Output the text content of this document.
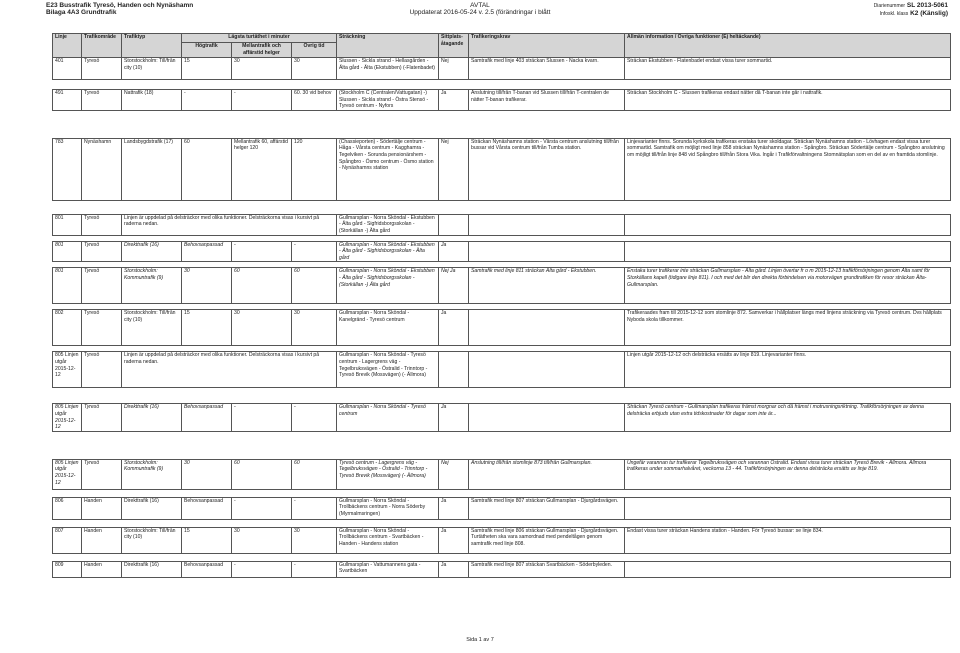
E23 Busstrafik Tyresö, Handen och Nynäshamn
Bilaga 4A3 Grundtrafik
AVTAL
Uppdaterat 2016-05-24 v. 2.5 (förändringar i blått
Diarienummer SL 2013-5061
Infoskl. klass K2 (Känslig)
Linje	Trafikområde	Trafiktyp	Lägsta turtäthet i minuter			Sträckning	Sittplats-åtagande	Trafikeringskrav	Allmän information / Övriga funktioner (Ej heltäckande)
			Högtrafik	Mellantrafik och affärstid helger	Övrig tid				
401	Tyresö	Storstockholm: Till/från city (10)	15	30	30	Slussen - Sickla strand - Hellasgården - Älta gård - Älta (Ekstubben) (-Flatenbadet)	Nej	Samtrafik med linje 403 sträckan Slussen - Nacka kvarn.	Sträckan Ekstubben - Flatenbadet endast vissa turer sommartid.

491	Tyresö	Nattrafik (18)	-	-	60. 30 vid behov	(Stockholm C (Centralen/Vattugatan) -) Slussen - Sickla strand - Östra Stensö - Tyresö centrum - Nyfors	Ja	Anslutning till/från T-banan vid Slussen till/från T-centralen de nätter T-banan trafikerar.	Sträckan Stockholm C - Slussen trafikeras endast nätter då T-banan inte går i nattrafik.

783	Nynäshamn	Landsbygdstrafik (17)	60	Mellantrafik 60, affärstid helger 120	120	(Chassieporten) - Södertälje centrum - Håga - Vårsta centrum - Kagghamra - Tegelviken - Sorunda pensionärshem - Spångbro - Ösmo centrum - Ösmo station - Nynäshamns station	Nej	Sträckan Nynäshamns station - Vårsta centrum anslutning till/från bussar vid Vårsta centrum till/från Tumba station.	Linjevarianter finns. Sorunda kyrkskola trafikeras enstaka turer skoldagar. Sträckan Nynäshamns station - Lövhagen endast vissa turer sommartid. Samtrafik om möjligt med linje 858 sträckan Nynäshamns station - Spångbro. Sträckan Södertälje centrum - Spångbro anslutning om möjligt till/från linje 848 vid Spångbro till/från Stora Vika. Ingår i Trafikförvaltningens Stomnätsplan som en del av en framtida stomlinje.

801	Tyresö	Linjen är uppdelad på delsträckor med olika funktioner. Delsträckorna visas i kursivt på raderna nedan.				Gullmarsplan - Norra Sköndal - Ekstubben - Älta gård - Sigfridsborgsskolan - (Storkällan -) Älta gård			

801	Tyresö	Direkttrafik (16)	Behovsanpassad	-	-	Gullmarsplan - Norra Sköndal - Ekstubben - Älta gård - Sigfridsborgsskolan - Älta gård	Ja		

801	Tyresö	Storstockholm: Kommuntrafik (9)	30	60	60	Gullmarsplan - Norra Sköndal - Ekstubben - Älta gård - Sigfridsborgsskolan - (Storkällan -) Älta gård	Nej Ja	Samtrafik med linje 811 sträckan Älta gård - Ekstubben.	Enstaka turer trafikerar inte sträckan Gullmarsplan - Älta gård. Linjen övertar fr o m 2015-12-13 trafikförsörjningen genom Älta samt för Storkällans kapell (tidigare linje 811). I och med det blir den direkta förbindelsen via motorvägen grundtrafiken för resor sträckan Älta-Gullmarsplan.

802	Tyresö	Storstockholm: Till/från city (10)	15	30	30	Gullmarsplan - Norra Sköndal - Kanelgränd - Tyresö centrum	Ja		Trafikeraades fram till 2015-12-12 som stomlinje 872. Samverkar i hållplatser längs med linjens sträckning via Tyresö centrum. Dvs hållplats Nyboda skola tillkommer.

805 Linjen utgår 2015-12-12	Tyresö	Linjen är uppdelad på delsträckor med olika funktioner. Delsträckorna visas i kursivt på raderna nedan.				Gullmarsplan - Norra Sköndal - Tyresö centrum - Lagergrens väg - Tegelbruksvägen - Östralid - Trinntorp - Tyresö Brevik (Mossvägen) (- Ällmora)			Linjen utgår 2015-12-12 och delsträcka ersätts av linje 819. Linjevarianter finns.

805 Linjen utgår 2015-12-12	Tyresö	Direkttrafik (16)	Behovsanpassad	-	-	Gullmarsplan - Norra Sköndal - Tyresö centrum	Ja		Sträckan Tyresö centrum - Gullmarsplan trafikeras främst morgnar och då främst i motrusningsriktning. Trafikförsörjningen av denna delsträcka erbjuds utan extra tidskostnader för dagar som inte är...

805 Linjen utgår 2015-12-12	Tyresö	Storstockholm: Kommuntrafik (9)	30	60	60	Tyresö centrum - Lagergrens väg - Tegelbruksvägen - Östralid - Trinntorp - Tyresö Brevik (Mossvägen) (- Ällmora)	Nej	Anslutning till/från stomlinje 873 till/från Gullmarsplan.	Ungefär varannan tur trafikerar Tegelbruksvägen och varannan Östralid. Endast vissa turer sträckan Tyresö Brevik - Ällmora. Ällmora trafikeras under sommarhalvåret, veckorna 13 - 44. Trafikförsörjningen av denna delsträcka ersätts av linje 819.

806	Handen	Direkttrafik (16)	Behovsanpassad	-	-	Gullmarsplan - Norra Sköndal - Trollbäckens centrum - Norra Söderby (Myrmalmsringen)	Ja	Samtrafik med linje 807 sträckan Gullmarsplan - Djurgårdsvägen.	

807	Handen	Storstockholm: Till/från city (10)	15	30	30	Gullmarsplan - Norra Sköndal - Trollbäckens centrum - Svartbäcken - Handen - Handens station	Ja	Samtrafik med linje 806 sträckan Gullmarsplan - Djurgårdsvägen. Turtätheten ska vara samordnad med pendeltågen genom samtrafik med linje 808.	Endast vissa turer sträckan Handens station - Handen. För Tyresö bussar: se linje 834.

809	Handen	Direkttrafik (16)	Behovsanpassad	-	-	Gullmarsplan - Vattumannens gata - Svartbäcken	Ja	Samtrafik med linje 807 sträckan Svartbäcken - Söderbyleden.	
Sida 1 av 7
